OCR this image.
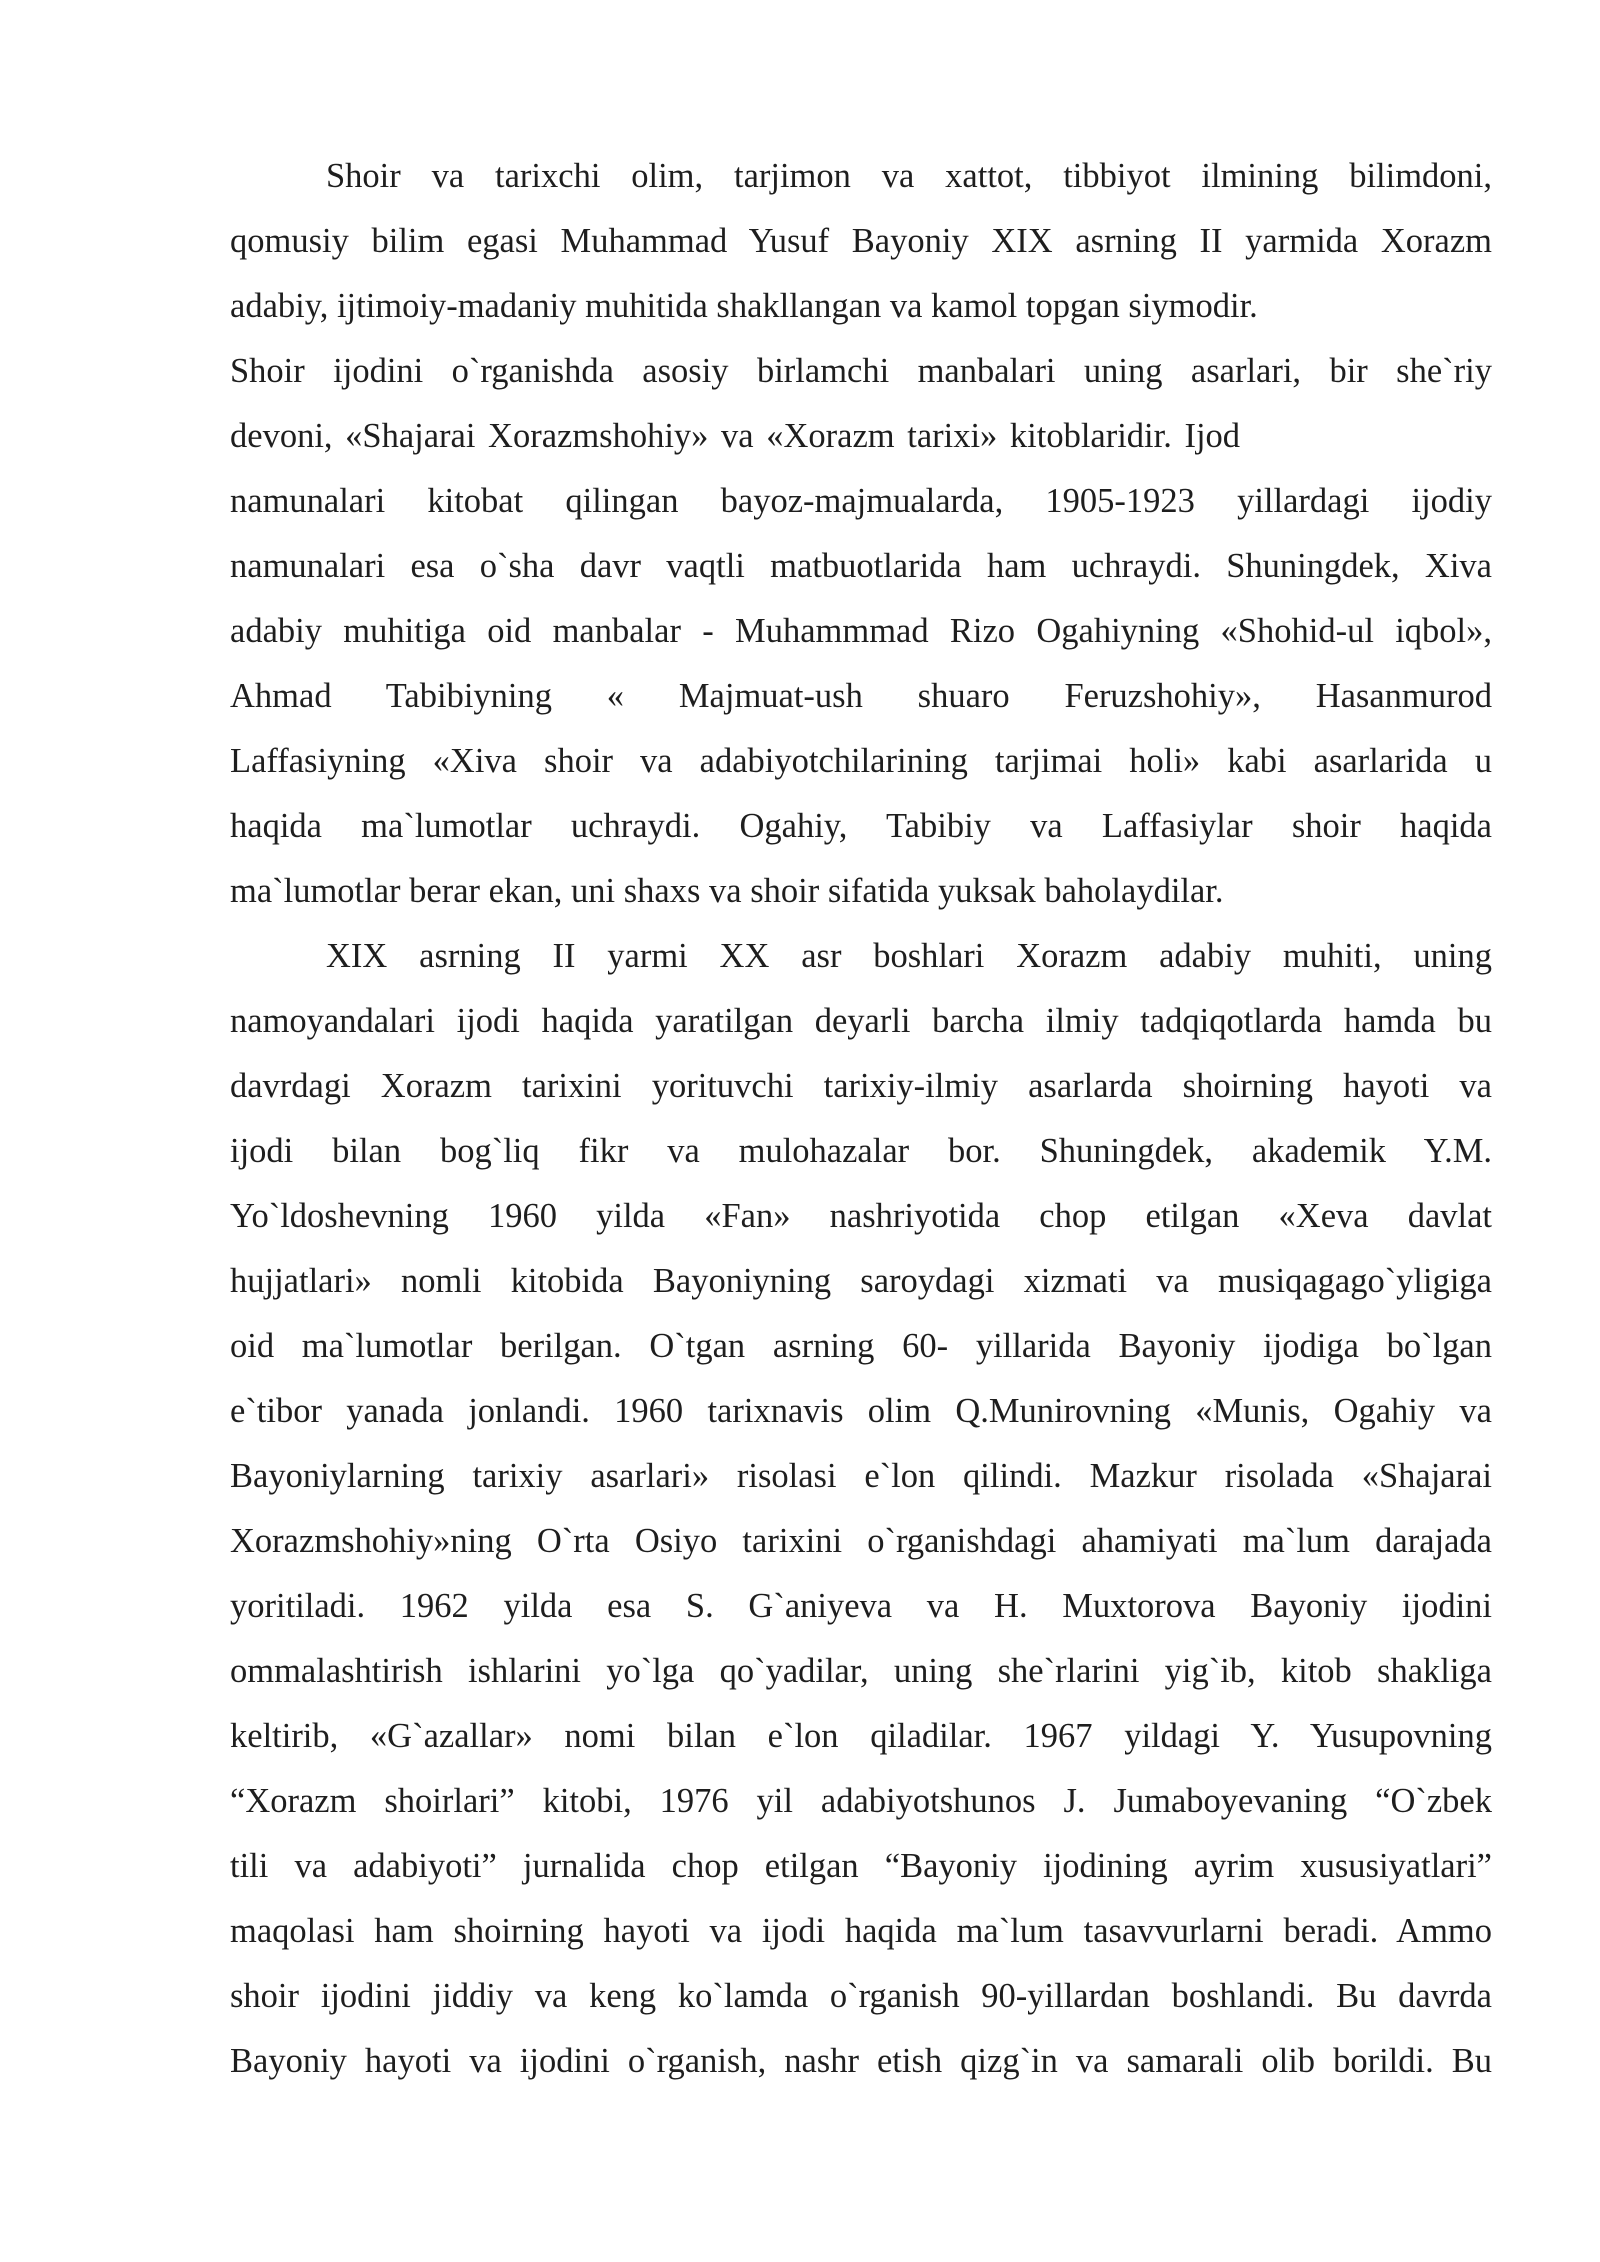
Shoir va tarixchi olim, tarjimon va xattot, tibbiyot ilmining bilimdoni,
qomusiy bilim egasi Muhammad Yusuf Bayoniy XIX asrning II yarmida Xorazm
adabiy, ijtimoiy-madaniy muhitida shakllangan va kamol topgan siymodir.
Shoir ijodini o`rganishda asosiy birlamchi manbalari uning asarlari, bir she`riy
devoni, «Shajarai Xorazmshohiy» va «Xorazm tarixi» kitoblaridir. Ijod
namunalari kitobat qilingan bayoz-majmualarda, 1905-1923 yillardagi ijodiy
namunalari esa o`sha davr vaqtli matbuotlarida ham uchraydi. Shuningdek, Xiva
adabiy muhitiga oid manbalar - Muhammmad Rizo Ogahiyning «Shohid-ul iqbol»,
Ahmad Tabibiyning « Majmuat-ush shuaro Feruzshohiy», Hasanmurod
Laffasiyning «Xiva shoir va adabiyotchilarining tarjimai holi» kabi asarlarida u
haqida ma`lumotlar uchraydi. Ogahiy, Tabibiy va Laffasiylar shoir haqida
ma`lumotlar berar ekan, uni shaxs va shoir sifatida yuksak baholaydilar.
XIX asrning II yarmi XX asr boshlari Xorazm adabiy muhiti, uning
namoyandalari ijodi haqida yaratilgan deyarli barcha ilmiy tadqiqotlarda hamda bu
davrdagi Xorazm tarixini yorituvchi tarixiy-ilmiy asarlarda shoirning hayoti va
ijodi bilan bog`liq fikr va mulohazalar bor. Shuningdek, akademik Y.M.
Yo`ldoshevning 1960 yilda «Fan» nashriyotida chop etilgan «Xeva davlat
hujjatlari» nomli kitobida Bayoniyning saroydagi xizmati va musiqagago`yligiga
oid ma`lumotlar berilgan. O`tgan asrning 60- yillarida Bayoniy ijodiga bo`lgan
e`tibor yanada jonlandi. 1960 tarixnavis olim Q.Munirovning «Munis, Ogahiy va
Bayoniylarning tarixiy asarlari» risolasi e`lon qilindi. Mazkur risolada «Shajarai
Xorazmshohiy»ning O`rta Osiyo tarixini o`rganishdagi ahamiyati ma`lum darajada
yoritiladi. 1962 yilda esa S. G`aniyeva va H. Muxtorova Bayoniy ijodini
ommalashtirish ishlarini yo`lga qo`yadilar, uning she`rlarini yig`ib, kitob shakliga
keltirib, «G`azallar» nomi bilan e`lon qiladilar. 1967 yildagi Y. Yusupovning
“Xorazm shoirlari” kitobi, 1976 yil adabiyotshunos J. Jumaboyevaning “O`zbek
tili va adabiyoti” jurnalida chop etilgan “Bayoniy ijodining ayrim xususiyatlari”
maqolasi ham shoirning hayoti va ijodi haqida ma`lum tasavvurlarni beradi. Ammo
shoir ijodini jiddiy va keng ko`lamda o`rganish 90-yillardan boshlandi. Bu davrda
Bayoniy hayoti va ijodini o`rganish, nashr etish qizg`in va samarali olib borildi. Bu
